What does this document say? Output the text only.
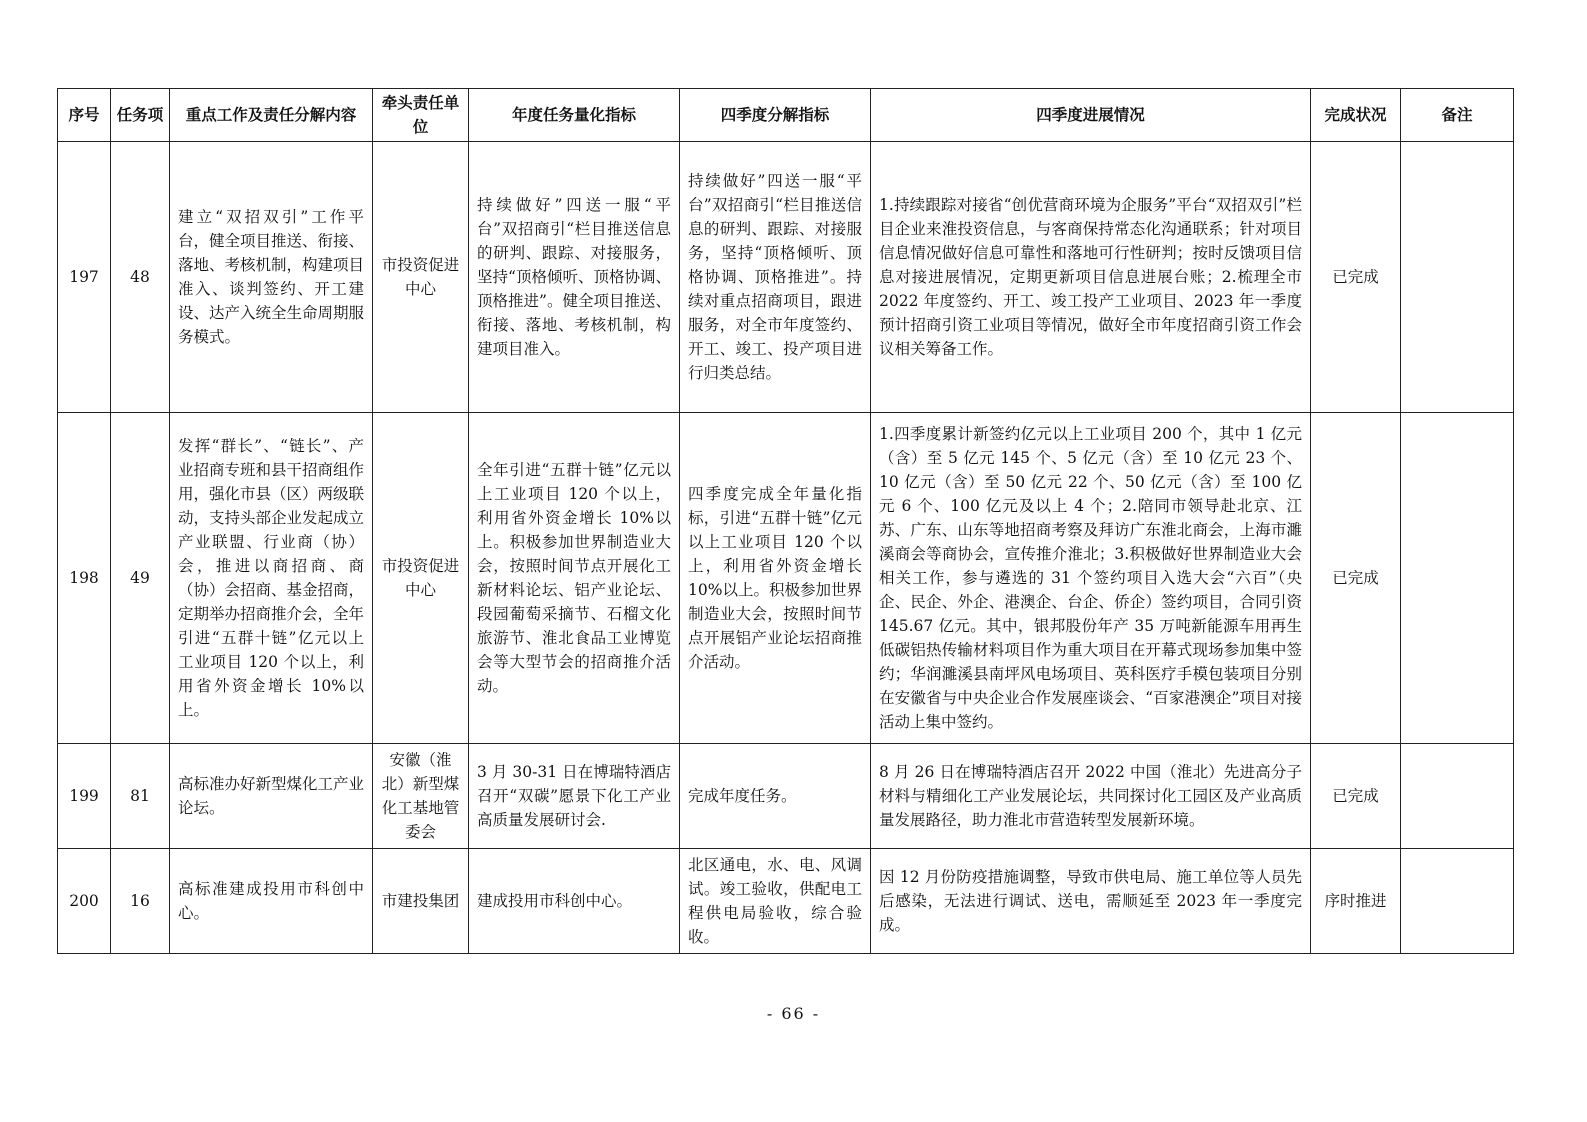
序号	任务项	重点工作及责任分解内容	牵头责任单位	年度任务量化指标	四季度分解指标	四季度进展情况	完成状况	备注
197	48	建立“双招双引”工作平台，健全项目推送、衔接、落地、考核机制，构建项目准入、谈判签约、开工建设、达产入统全生命周期服务模式。	市投资促进中心	持续做好”四送一服“平台”双招商引“栏目推送信息的研判、跟踪、对接服务，坚持“顶格倾听、顶格协调、顶格推进”。健全项目推送、衔接、落地、考核机制，构建项目准入。	持续做好”四送一服“平台”双招商引“栏目推送信息的研判、跟踪、对接服务，坚持“顶格倾听、顶格协调、顶格推进”。持续对重点招商项目，跟进服务，对全市年度签约、开工、竣工、投产项目进行归类总结。	1.持续跟踪对接省“创优营商环境为企服务”平台“双招双引”栏目企业来淮投资信息，与客商保持常态化沟通联系；针对项目信息情况做好信息可靠性和落地可行性研判；按时反馈项目信息对接进展情况，定期更新项目信息进展台账；2.梳理全市 2022 年度签约、开工、竣工投产工业项目、2023 年一季度预计招商引资工业项目等情况，做好全市年度招商引资工作会议相关筹备工作。	已完成	
198	49	发挥“群长”、“链长”、产业招商专班和县干招商组作用，强化市县（区）两级联动，支持头部企业发起成立产业联盟、行业商（协）会，推进以商招商、商（协）会招商、基金招商，定期举办招商推介会，全年引进“五群十链”亿元以上工业项目 120 个以上，利用省外资金增长 10%以上。	市投资促进中心	全年引进“五群十链”亿元以上工业项目 120 个以上，利用省外资金增长 10%以上。积极参加世界制造业大会，按照时间节点开展化工新材料论坛、铝产业论坛、段园葡萄采摘节、石榴文化旅游节、淮北食品工业博览会等大型节会的招商推介活动。	四季度完成全年量化指标，引进“五群十链”亿元以上工业项目 120 个以上，利用省外资金增长 10%以上。积极参加世界制造业大会，按照时间节点开展铝产业论坛招商推介活动。	1.四季度累计新签约亿元以上工业项目 200 个，其中 1 亿元（含）至 5 亿元 145 个、5 亿元（含）至 10 亿元 23 个、10 亿元（含）至 50 亿元 22 个、50 亿元（含）至 100 亿元 6 个、100 亿元及以上 4 个；2.陪同市领导赴北京、江苏、广东、山东等地招商考察及拜访广东淮北商会，上海市濉溪商会等商协会，宣传推介淮北；3.积极做好世界制造业大会相关工作，参与遴选的 31 个签约项目入选大会“六百”（央企、民企、外企、港澳企、台企、侨企）签约项目，合同引资 145.67 亿元。其中，银邦股份年产 35 万吨新能源车用再生低碳铝热传输材料项目作为重大项目在开幕式现场参加集中签约；华润濉溪县南坪风电场项目、英科医疗手模包装项目分别在安徽省与中央企业合作发展座谈会、“百家港澳企”项目对接活动上集中签约。	已完成	
199	81	高标准办好新型煤化工产业论坛。	安徽（淮北）新型煤化工基地管委会	3 月 30-31 日在博瑞特酒店召开“双碳”愿景下化工产业高质量发展研讨会.	完成年度任务。	8 月 26 日在博瑞特酒店召开 2022 中国（淮北）先进高分子材料与精细化工产业发展论坛，共同探讨化工园区及产业高质量发展路径，助力淮北市营造转型发展新环境。	已完成	
200	16	高标准建成投用市科创中心。	市建投集团	建成投用市科创中心。	北区通电，水、电、风调试。竣工验收，供配电工程供电局验收，综合验收。	因 12 月份防疫措施调整，导致市供电局、施工单位等人员先后感染，无法进行调试、送电，需顺延至 2023 年一季度完成。	序时推进	
- 66 -
